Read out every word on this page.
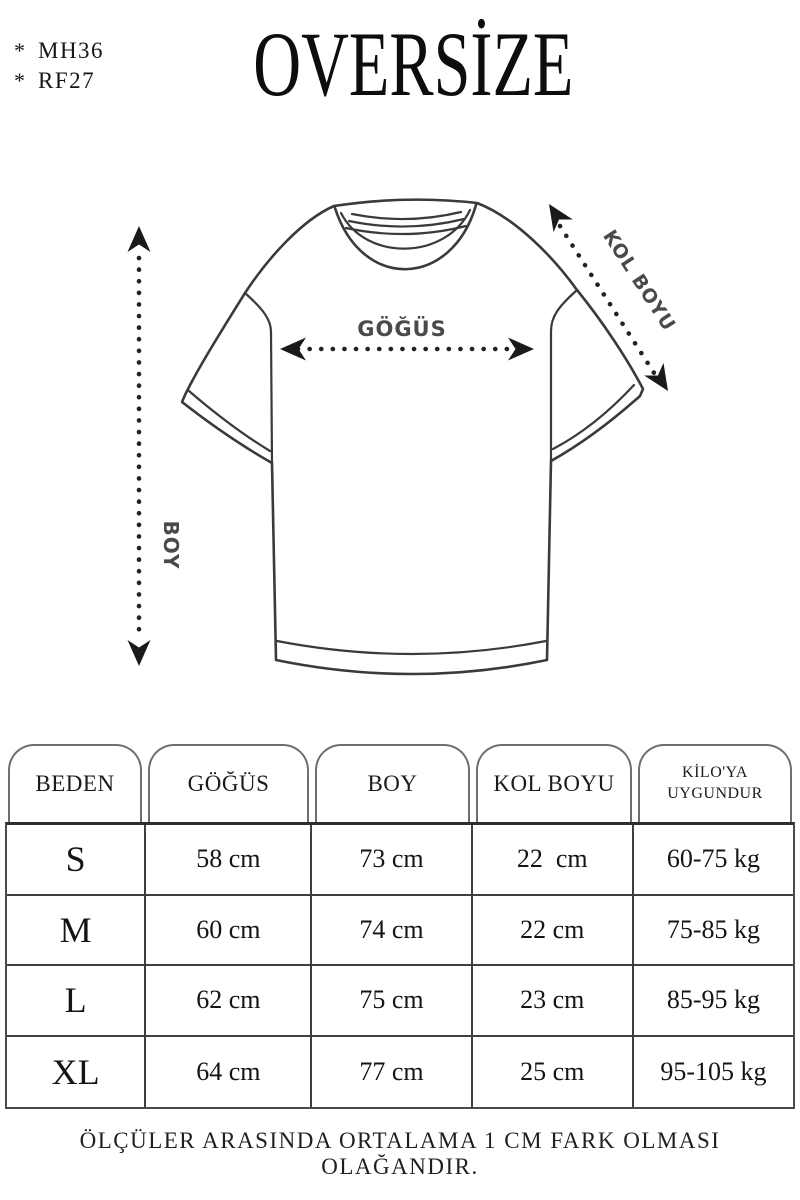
* MH36
* RF27	OVERSİZE
BOY
GÖĞÜS	KOL BOYU
BEDEN	GÖĞÜS	BOY	KOL BOYU	KİLO'YA UYGUNDUR
S	58 cm	73 cm	22  cm	60-75 kg
M	60 cm	74 cm	22 cm	75-85 kg
L	62 cm	75 cm	23 cm	85-95 kg
XL	64 cm	77 cm	25 cm	95-105 kg
ÖLÇÜLER ARASINDA ORTALAMA 1 CM FARK OLMASI OLAĞANDIR.
